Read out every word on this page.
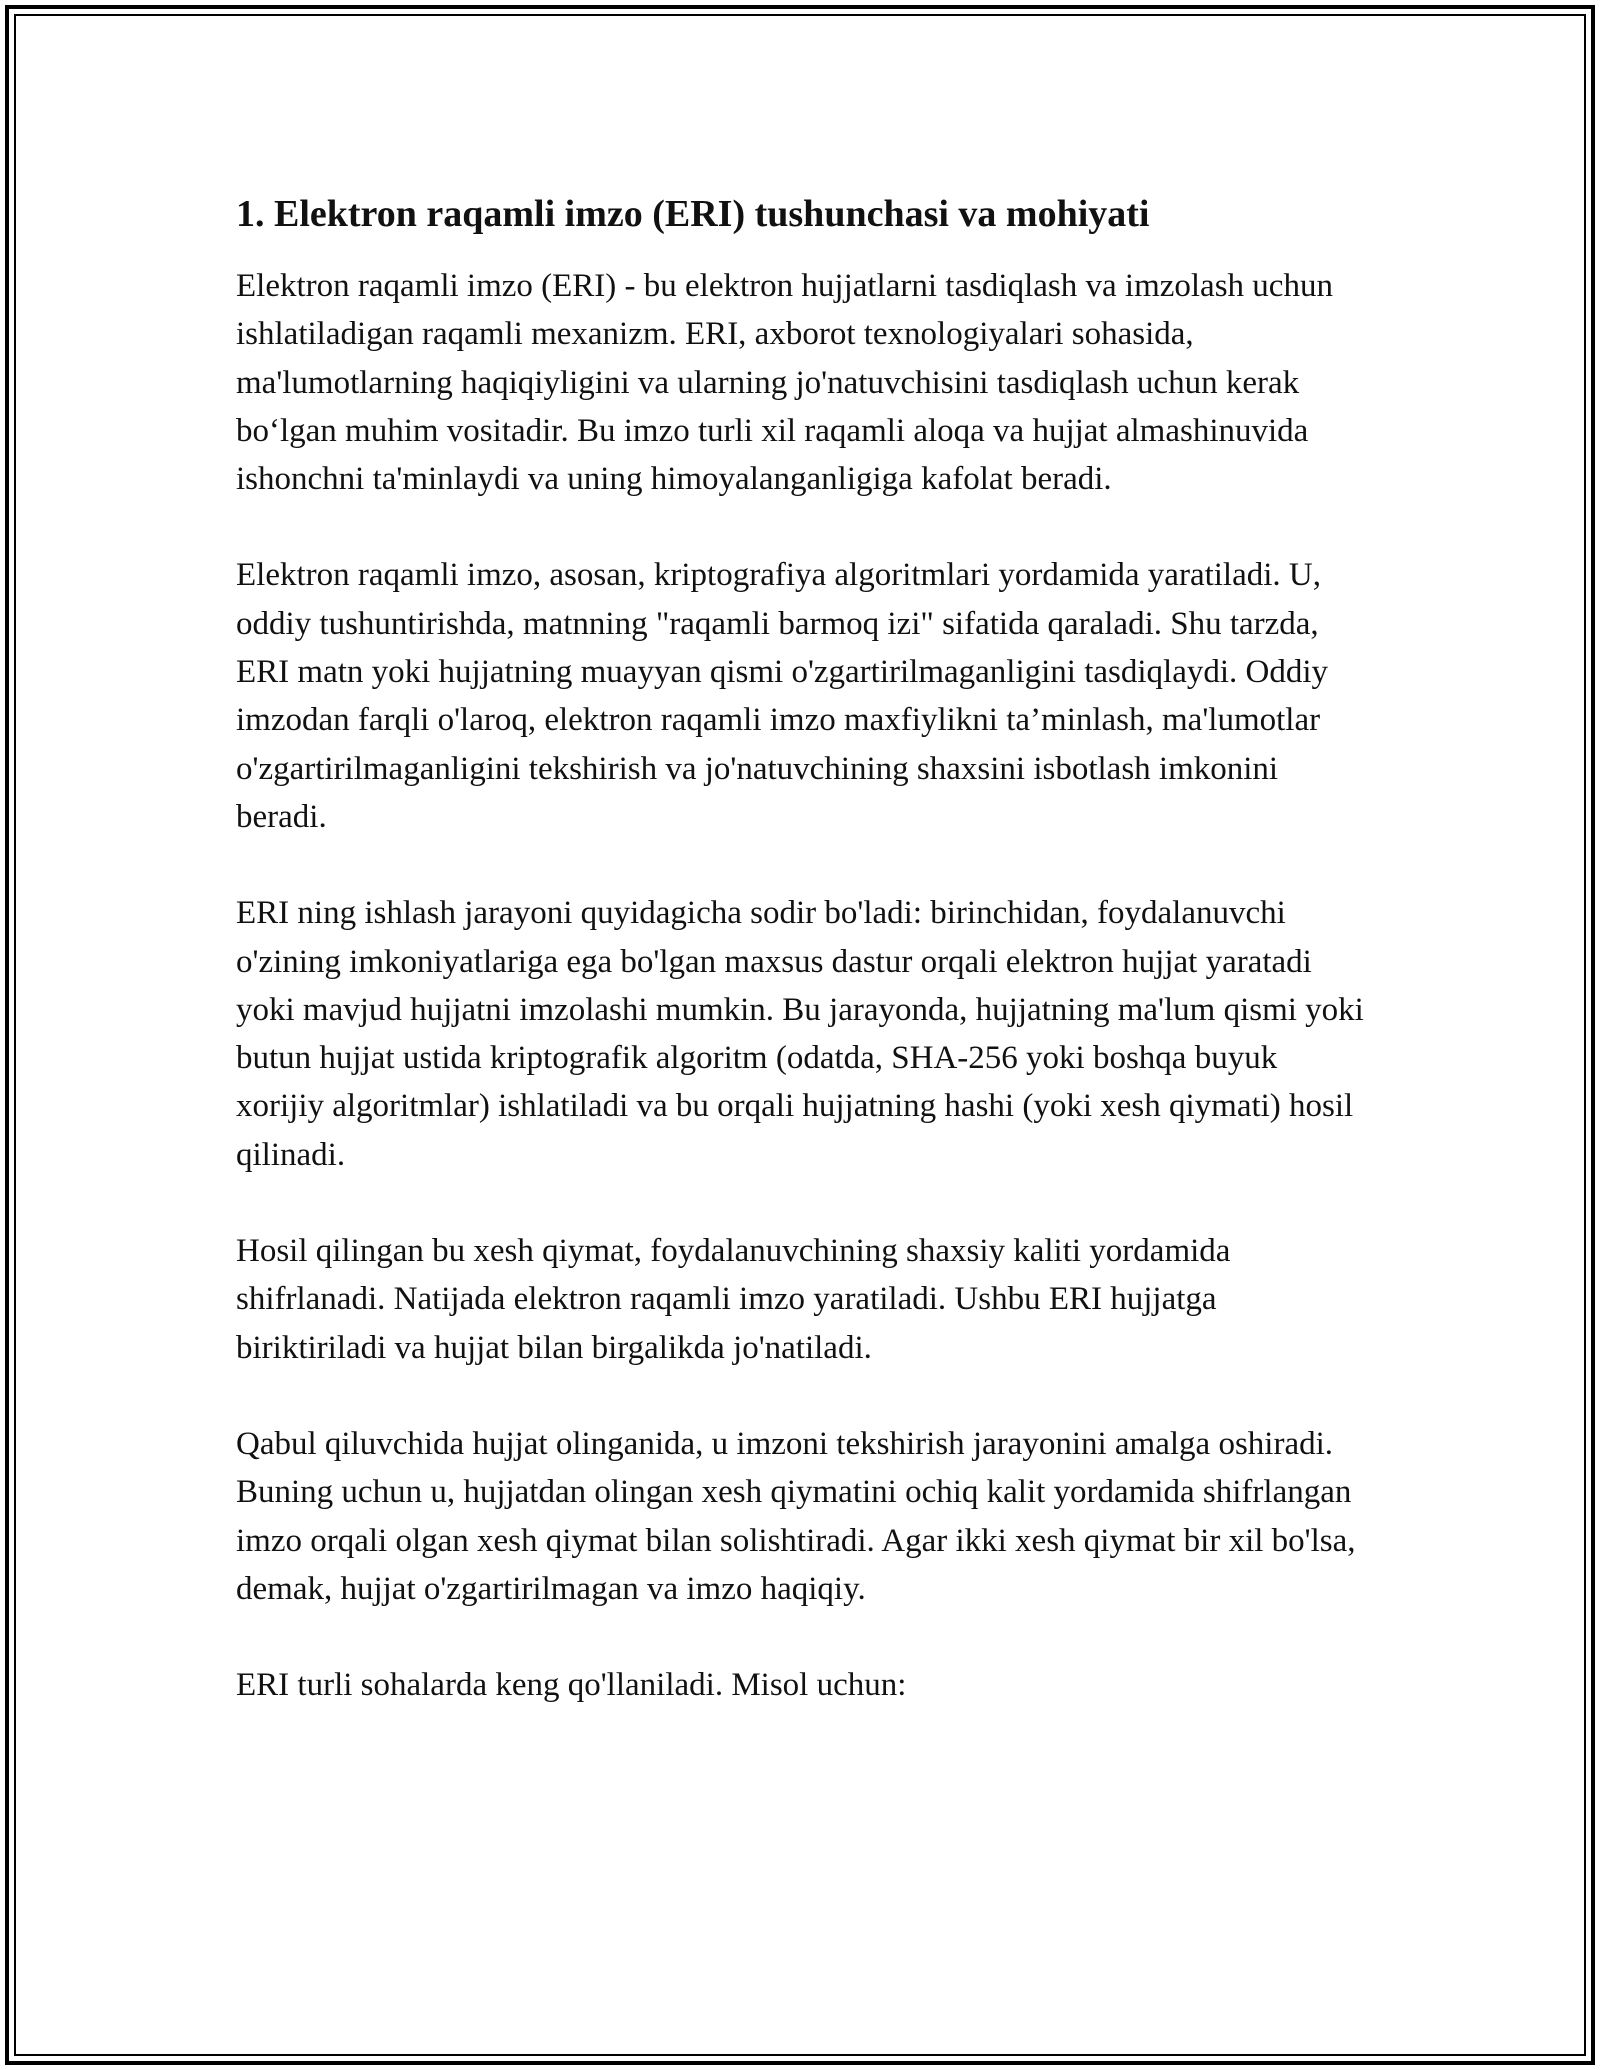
1. Elektron raqamli imzo (ERI) tushunchasi va mohiyati

Elektron raqamli imzo (ERI) - bu elektron hujjatlarni tasdiqlash va imzolash uchun ishlatiladigan raqamli mexanizm. ERI, axborot texnologiyalari sohasida, ma'lumotlarning haqiqiyligini va ularning jo'natuvchisini tasdiqlash uchun kerak bo‘lgan muhim vositadir. Bu imzo turli xil raqamli aloqa va hujjat almashinuvida ishonchni ta'minlaydi va uning himoyalanganligiga kafolat beradi.

Elektron raqamli imzo, asosan, kriptografiya algoritmlari yordamida yaratiladi. U, oddiy tushuntirishda, matnning "raqamli barmoq izi" sifatida qaraladi. Shu tarzda, ERI matn yoki hujjatning muayyan qismi o'zgartirilmaganligini tasdiqlaydi. Oddiy imzodan farqli o'laroq, elektron raqamli imzo maxfiylikni ta’minlash, ma'lumotlar o'zgartirilmaganligini tekshirish va jo'natuvchining shaxsini isbotlash imkonini beradi.

ERI ning ishlash jarayoni quyidagicha sodir bo'ladi: birinchidan, foydalanuvchi o'zining imkoniyatlariga ega bo'lgan maxsus dastur orqali elektron hujjat yaratadi yoki mavjud hujjatni imzolashi mumkin. Bu jarayonda, hujjatning ma'lum qismi yoki butun hujjat ustida kriptografik algoritm (odatda, SHA-256 yoki boshqa buyuk xorijiy algoritmlar) ishlatiladi va bu orqali hujjatning hashi (yoki xesh qiymati) hosil qilinadi.

Hosil qilingan bu xesh qiymat, foydalanuvchining shaxsiy kaliti yordamida shifrlanadi. Natijada elektron raqamli imzo yaratiladi. Ushbu ERI hujjatga biriktiriladi va hujjat bilan birgalikda jo'natiladi.

Qabul qiluvchida hujjat olinganida, u imzoni tekshirish jarayonini amalga oshiradi. Buning uchun u, hujjatdan olingan xesh qiymatini ochiq kalit yordamida shifrlangan imzo orqali olgan xesh qiymat bilan solishtiradi. Agar ikki xesh qiymat bir xil bo'lsa, demak, hujjat o'zgartirilmagan va imzo haqiqiy.

ERI turli sohalarda keng qo'llaniladi. Misol uchun:
